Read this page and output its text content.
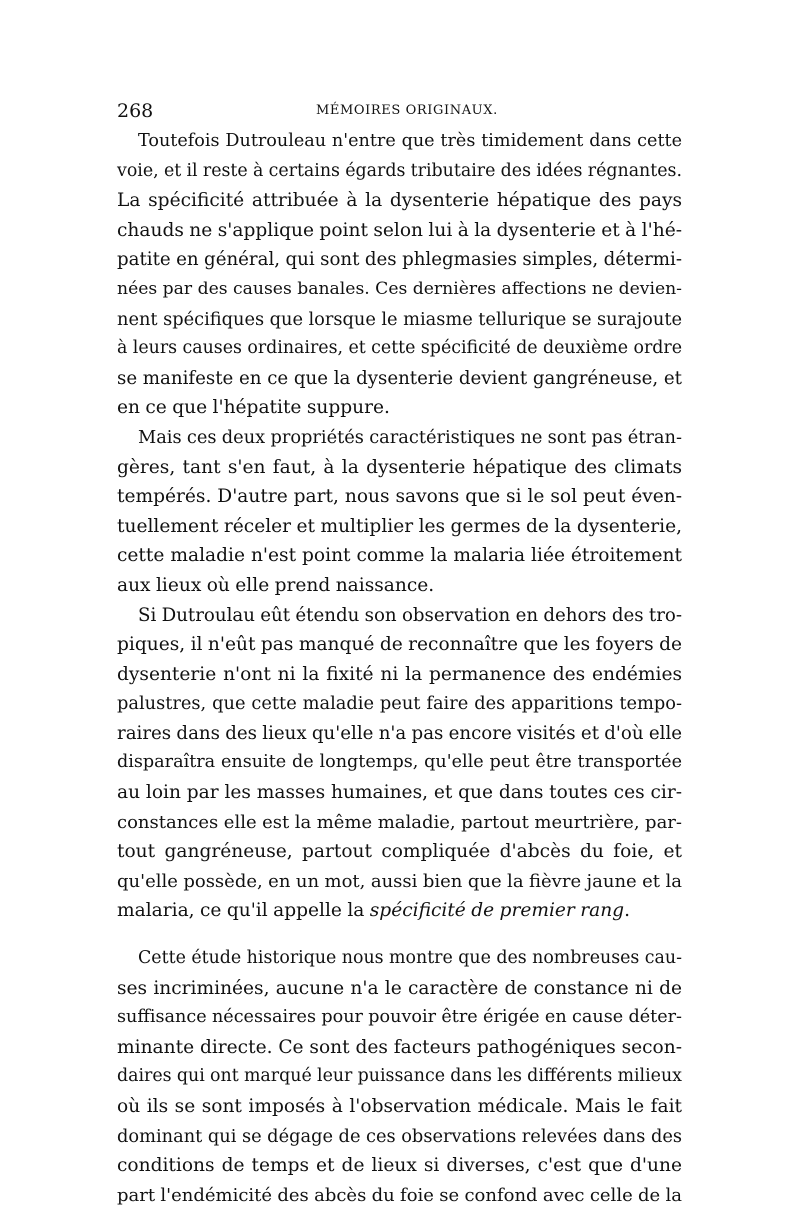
268	MÉMOIRES ORIGINAUX.
Toutefois Dutrouleau n'entre que très timidement dans cette
voie, et il reste à certains égards tributaire des idées régnantes.
La spécificité attribuée à la dysenterie hépatique des pays
chauds ne s'applique point selon lui à la dysenterie et à l'hé-
patite en général, qui sont des phlegmasies simples, détermi-
nées par des causes banales. Ces dernières affections ne devien-
nent spécifiques que lorsque le miasme tellurique se surajoute
à leurs causes ordinaires, et cette spécificité de deuxième ordre
se manifeste en ce que la dysenterie devient gangréneuse, et
en ce que l'hépatite suppure.
Mais ces deux propriétés caractéristiques ne sont pas étran-
gères, tant s'en faut, à la dysenterie hépatique des climats
tempérés. D'autre part, nous savons que si le sol peut éven-
tuellement réceler et multiplier les germes de la dysenterie,
cette maladie n'est point comme la malaria liée étroitement
aux lieux où elle prend naissance.
Si Dutroulau eût étendu son observation en dehors des tro-
piques, il n'eût pas manqué de reconnaître que les foyers de
dysenterie n'ont ni la fixité ni la permanence des endémies
palustres, que cette maladie peut faire des apparitions tempo-
raires dans des lieux qu'elle n'a pas encore visités et d'où elle
disparaîtra ensuite de longtemps, qu'elle peut être transportée
au loin par les masses humaines, et que dans toutes ces cir-
constances elle est la même maladie, partout meurtrière, par-
tout gangréneuse, partout compliquée d'abcès du foie, et
qu'elle possède, en un mot, aussi bien que la fièvre jaune et la
malaria, ce qu'il appelle la spécificité de premier rang.
Cette étude historique nous montre que des nombreuses cau-
ses incriminées, aucune n'a le caractère de constance ni de
suffisance nécessaires pour pouvoir être érigée en cause déter-
minante directe. Ce sont des facteurs pathogéniques secon-
daires qui ont marqué leur puissance dans les différents milieux
où ils se sont imposés à l'observation médicale. Mais le fait
dominant qui se dégage de ces observations relevées dans des
conditions de temps et de lieux si diverses, c'est que d'une
part l'endémicité des abcès du foie se confond avec celle de la
